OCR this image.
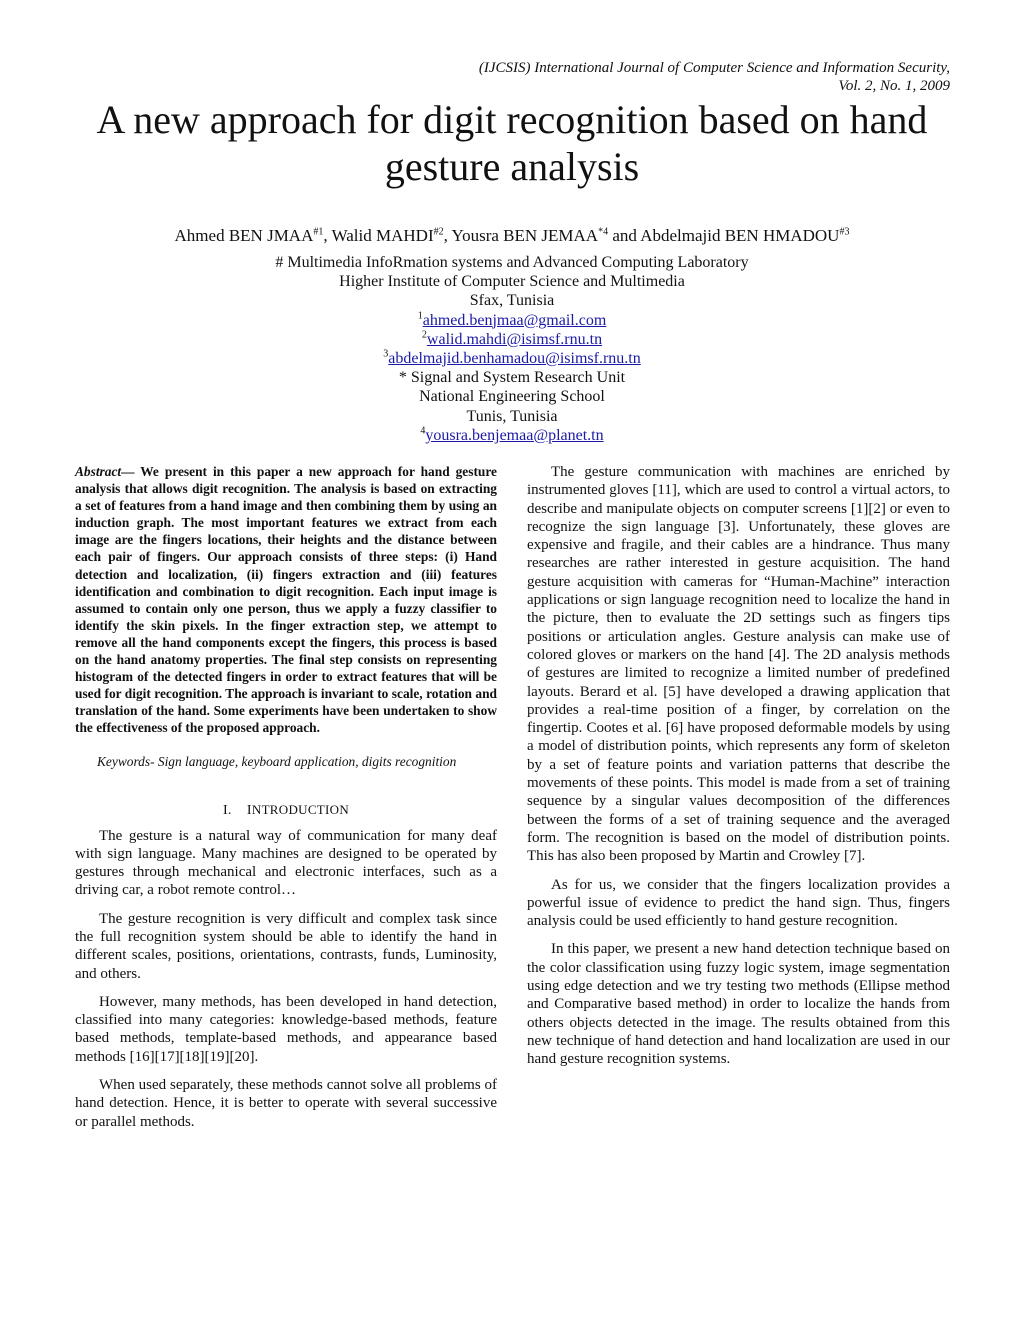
(IJCSIS) International Journal of Computer Science and Information Security,
Vol. 2, No. 1, 2009
A new approach for digit recognition based on hand
gesture analysis
Ahmed BEN JMAA$^{\#1}$, Walid MAHDI$^{\#2}$, Yousra BEN JEMAA$^{*4}$ and Abdelmajid BEN HMADOU$^{\#3}$
# Multimedia InfoRmation systems and Advanced Computing Laboratory
Higher Institute of Computer Science and Multimedia
Sfax, Tunisia
$^1$ahmed.benjmaa@gmail.com
$^2$walid.mahdi@isimsf.rnu.tn
$^3$abdelmajid.benhamadou@isimsf.rnu.tn
* Signal and System Research Unit
National Engineering School
Tunis, Tunisia
$^4$yousra.benjemaa@planet.tn

Abstract— We present in this paper a new approach for hand gesture analysis that allows digit recognition. The analysis is based on extracting a set of features from a hand image and then combining them by using an induction graph. The most important features we extract from each image are the fingers locations, their heights and the distance between each pair of fingers. Our approach consists of three steps: (i) Hand detection and localization, (ii) fingers extraction and (iii) features identification and combination to digit recognition. Each input image is assumed to contain only one person, thus we apply a fuzzy classifier to identify the skin pixels. In the finger extraction step, we attempt to remove all the hand components except the fingers, this process is based on the hand anatomy properties. The final step consists on representing histogram of the detected fingers in order to extract features that will be used for digit recognition. The approach is invariant to scale, rotation and translation of the hand. Some experiments have been undertaken to show the effectiveness of the proposed approach.

Keywords- Sign language, keyboard application, digits recognition

I. INTRODUCTION

The gesture is a natural way of communication for many deaf with sign language. Many machines are designed to be operated by gestures through mechanical and electronic interfaces, such as a driving car, a robot remote control…

The gesture recognition is very difficult and complex task since the full recognition system should be able to identify the hand in different scales, positions, orientations, contrasts, funds, Luminosity, and others.

However, many methods, has been developed in hand detection, classified into many categories: knowledge-based methods, feature based methods, template-based methods, and appearance based methods [16][17][18][19][20].

When used separately, these methods cannot solve all problems of hand detection. Hence, it is better to operate with several successive or parallel methods.

The gesture communication with machines are enriched by instrumented gloves [11], which are used to control a virtual actors, to describe and manipulate objects on computer screens [1][2] or even to recognize the sign language [3]. Unfortunately, these gloves are expensive and fragile, and their cables are a hindrance. Thus many researches are rather interested in gesture acquisition. The hand gesture acquisition with cameras for “Human-Machine” interaction applications or sign language recognition need to localize the hand in the picture, then to evaluate the 2D settings such as fingers tips positions or articulation angles. Gesture analysis can make use of colored gloves or markers on the hand [4]. The 2D analysis methods of gestures are limited to recognize a limited number of predefined layouts. Berard et al. [5] have developed a drawing application that provides a real-time position of a finger, by correlation on the fingertip. Cootes et al. [6] have proposed deformable models by using a model of distribution points, which represents any form of skeleton by a set of feature points and variation patterns that describe the movements of these points. This model is made from a set of training sequence by a singular values decomposition of the differences between the forms of a set of training sequence and the averaged form. The recognition is based on the model of distribution points. This has also been proposed by Martin and Crowley [7].

As for us, we consider that the fingers localization provides a powerful issue of evidence to predict the hand sign. Thus, fingers analysis could be used efficiently to hand gesture recognition.

In this paper, we present a new hand detection technique based on the color classification using fuzzy logic system, image segmentation using edge detection and we try testing two methods (Ellipse method and Comparative based method) in order to localize the hands from others objects detected in the image. The results obtained from this new technique of hand detection and hand localization are used in our hand gesture recognition systems.
